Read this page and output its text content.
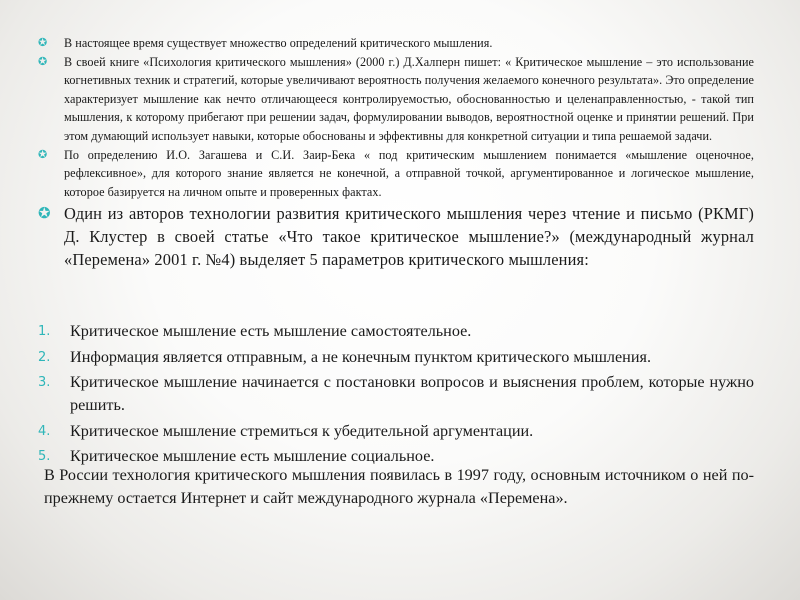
✪ В настоящее время существует множество определений критического мышления.
✪ В своей книге «Психология критического мышления» (2000 г.) Д.Халперн пишет: « Критическое мышление – это использование когнетивных техник и стратегий, которые увеличивают вероятность получения желаемого конечного результата». Это определение характеризует мышление как нечто отличающееся контролируемостью, обоснованностью и целенаправленностью, - такой тип мышления, к которому прибегают при решении задач, формулировании выводов, вероятностной оценке и принятии решений. При этом думающий использует навыки, которые обоснованы и эффективны для конкретной ситуации и типа решаемой задачи.
✪ По определению И.О. Загашева и С.И. Заир-Бека « под критическим мышлением понимается «мышление оценочное, рефлексивное», для которого знание является не конечной, а отправной точкой, аргументированное и логическое мышление, которое базируется на личном опыте и проверенных фактах.
✪ Один из авторов технологии развития критического мышления через чтение и письмо (РКМГ) Д. Клустер в своей статье «Что такое критическое мышление?» (международный журнал «Перемена» 2001 г. №4) выделяет 5 параметров критического мышления:
1. Критическое мышление есть мышление самостоятельное.
2. Информация является отправным, а не конечным пунктом критического мышления.
3. Критическое мышление начинается с постановки вопросов и выяснения проблем, которые нужно решить.
4. Критическое мышление стремиться к убедительной аргументации.
5. Критическое мышление есть мышление социальное.
В России технология критического мышления появилась в 1997 году, основным источником о ней по-прежнему остается Интернет и сайт международного журнала «Перемена».
